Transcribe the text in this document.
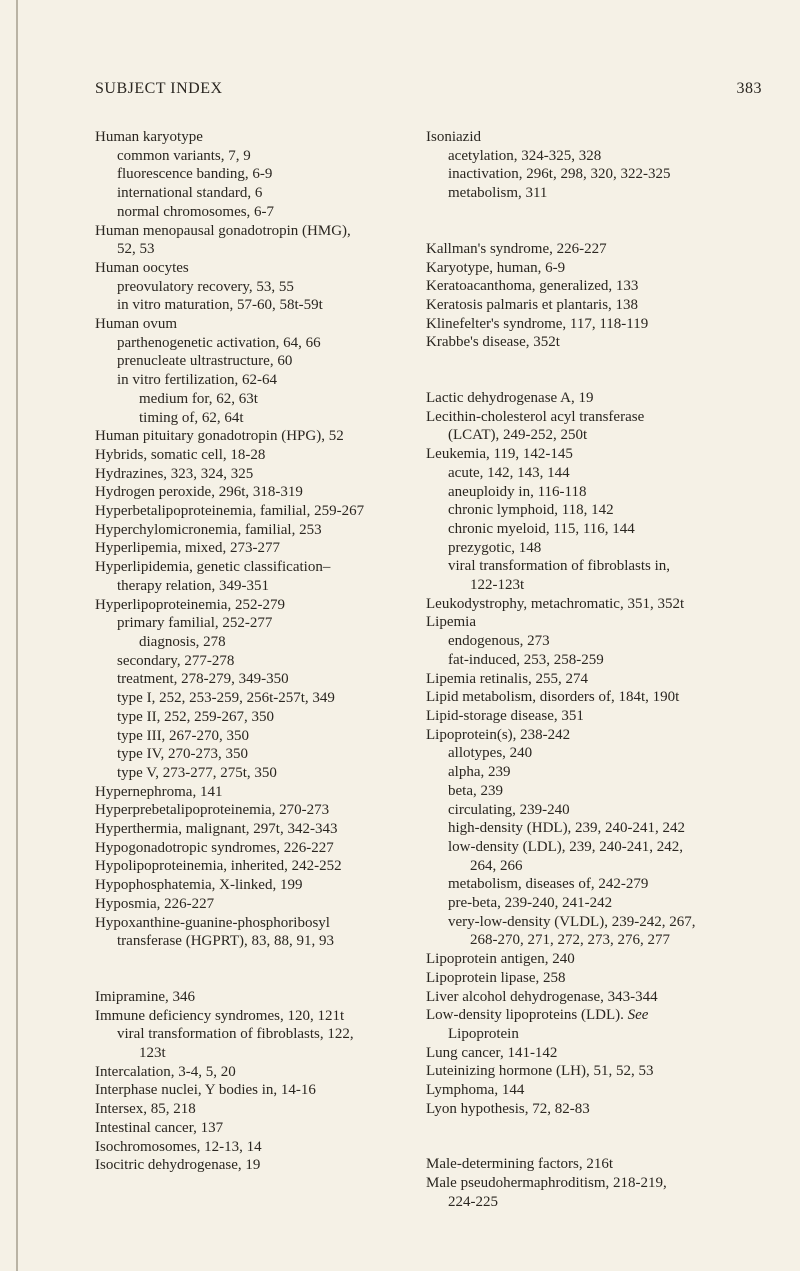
SUBJECT INDEX	383
Human karyotype
common variants, 7, 9
fluorescence banding, 6-9
international standard, 6
normal chromosomes, 6-7
Human menopausal gonadotropin (HMG),
52, 53
Human oocytes
preovulatory recovery, 53, 55
in vitro maturation, 57-60, 58t-59t
Human ovum
parthenogenetic activation, 64, 66
prenucleate ultrastructure, 60
in vitro fertilization, 62-64
medium for, 62, 63t
timing of, 62, 64t
Human pituitary gonadotropin (HPG), 52
Hybrids, somatic cell, 18-28
Hydrazines, 323, 324, 325
Hydrogen peroxide, 296t, 318-319
Hyperbetalipoproteinemia, familial, 259-267
Hyperchylomicronemia, familial, 253
Hyperlipemia, mixed, 273-277
Hyperlipidemia, genetic classification–
therapy relation, 349-351
Hyperlipoproteinemia, 252-279
primary familial, 252-277
diagnosis, 278
secondary, 277-278
treatment, 278-279, 349-350
type I, 252, 253-259, 256t-257t, 349
type II, 252, 259-267, 350
type III, 267-270, 350
type IV, 270-273, 350
type V, 273-277, 275t, 350
Hypernephroma, 141
Hyperprebetalipoproteinemia, 270-273
Hyperthermia, malignant, 297t, 342-343
Hypogonadotropic syndromes, 226-227
Hypolipoproteinemia, inherited, 242-252
Hypophosphatemia, X-linked, 199
Hyposmia, 226-227
Hypoxanthine-guanine-phosphoribosyl
transferase (HGPRT), 83, 88, 91, 93
Imipramine, 346
Immune deficiency syndromes, 120, 121t
viral transformation of fibroblasts, 122,
123t
Intercalation, 3-4, 5, 20
Interphase nuclei, Y bodies in, 14-16
Intersex, 85, 218
Intestinal cancer, 137
Isochromosomes, 12-13, 14
Isocitric dehydrogenase, 19
Isoniazid
acetylation, 324-325, 328
inactivation, 296t, 298, 320, 322-325
metabolism, 311
Kallman's syndrome, 226-227
Karyotype, human, 6-9
Keratoacanthoma, generalized, 133
Keratosis palmaris et plantaris, 138
Klinefelter's syndrome, 117, 118-119
Krabbe's disease, 352t
Lactic dehydrogenase A, 19
Lecithin-cholesterol acyl transferase
(LCAT), 249-252, 250t
Leukemia, 119, 142-145
acute, 142, 143, 144
aneuploidy in, 116-118
chronic lymphoid, 118, 142
chronic myeloid, 115, 116, 144
prezygotic, 148
viral transformation of fibroblasts in,
122-123t
Leukodystrophy, metachromatic, 351, 352t
Lipemia
endogenous, 273
fat-induced, 253, 258-259
Lipemia retinalis, 255, 274
Lipid metabolism, disorders of, 184t, 190t
Lipid-storage disease, 351
Lipoprotein(s), 238-242
allotypes, 240
alpha, 239
beta, 239
circulating, 239-240
high-density (HDL), 239, 240-241, 242
low-density (LDL), 239, 240-241, 242,
264, 266
metabolism, diseases of, 242-279
pre-beta, 239-240, 241-242
very-low-density (VLDL), 239-242, 267,
268-270, 271, 272, 273, 276, 277
Lipoprotein antigen, 240
Lipoprotein lipase, 258
Liver alcohol dehydrogenase, 343-344
Low-density lipoproteins (LDL). See
Lipoprotein
Lung cancer, 141-142
Luteinizing hormone (LH), 51, 52, 53
Lymphoma, 144
Lyon hypothesis, 72, 82-83
Male-determining factors, 216t
Male pseudohermaphroditism, 218-219,
224-225
